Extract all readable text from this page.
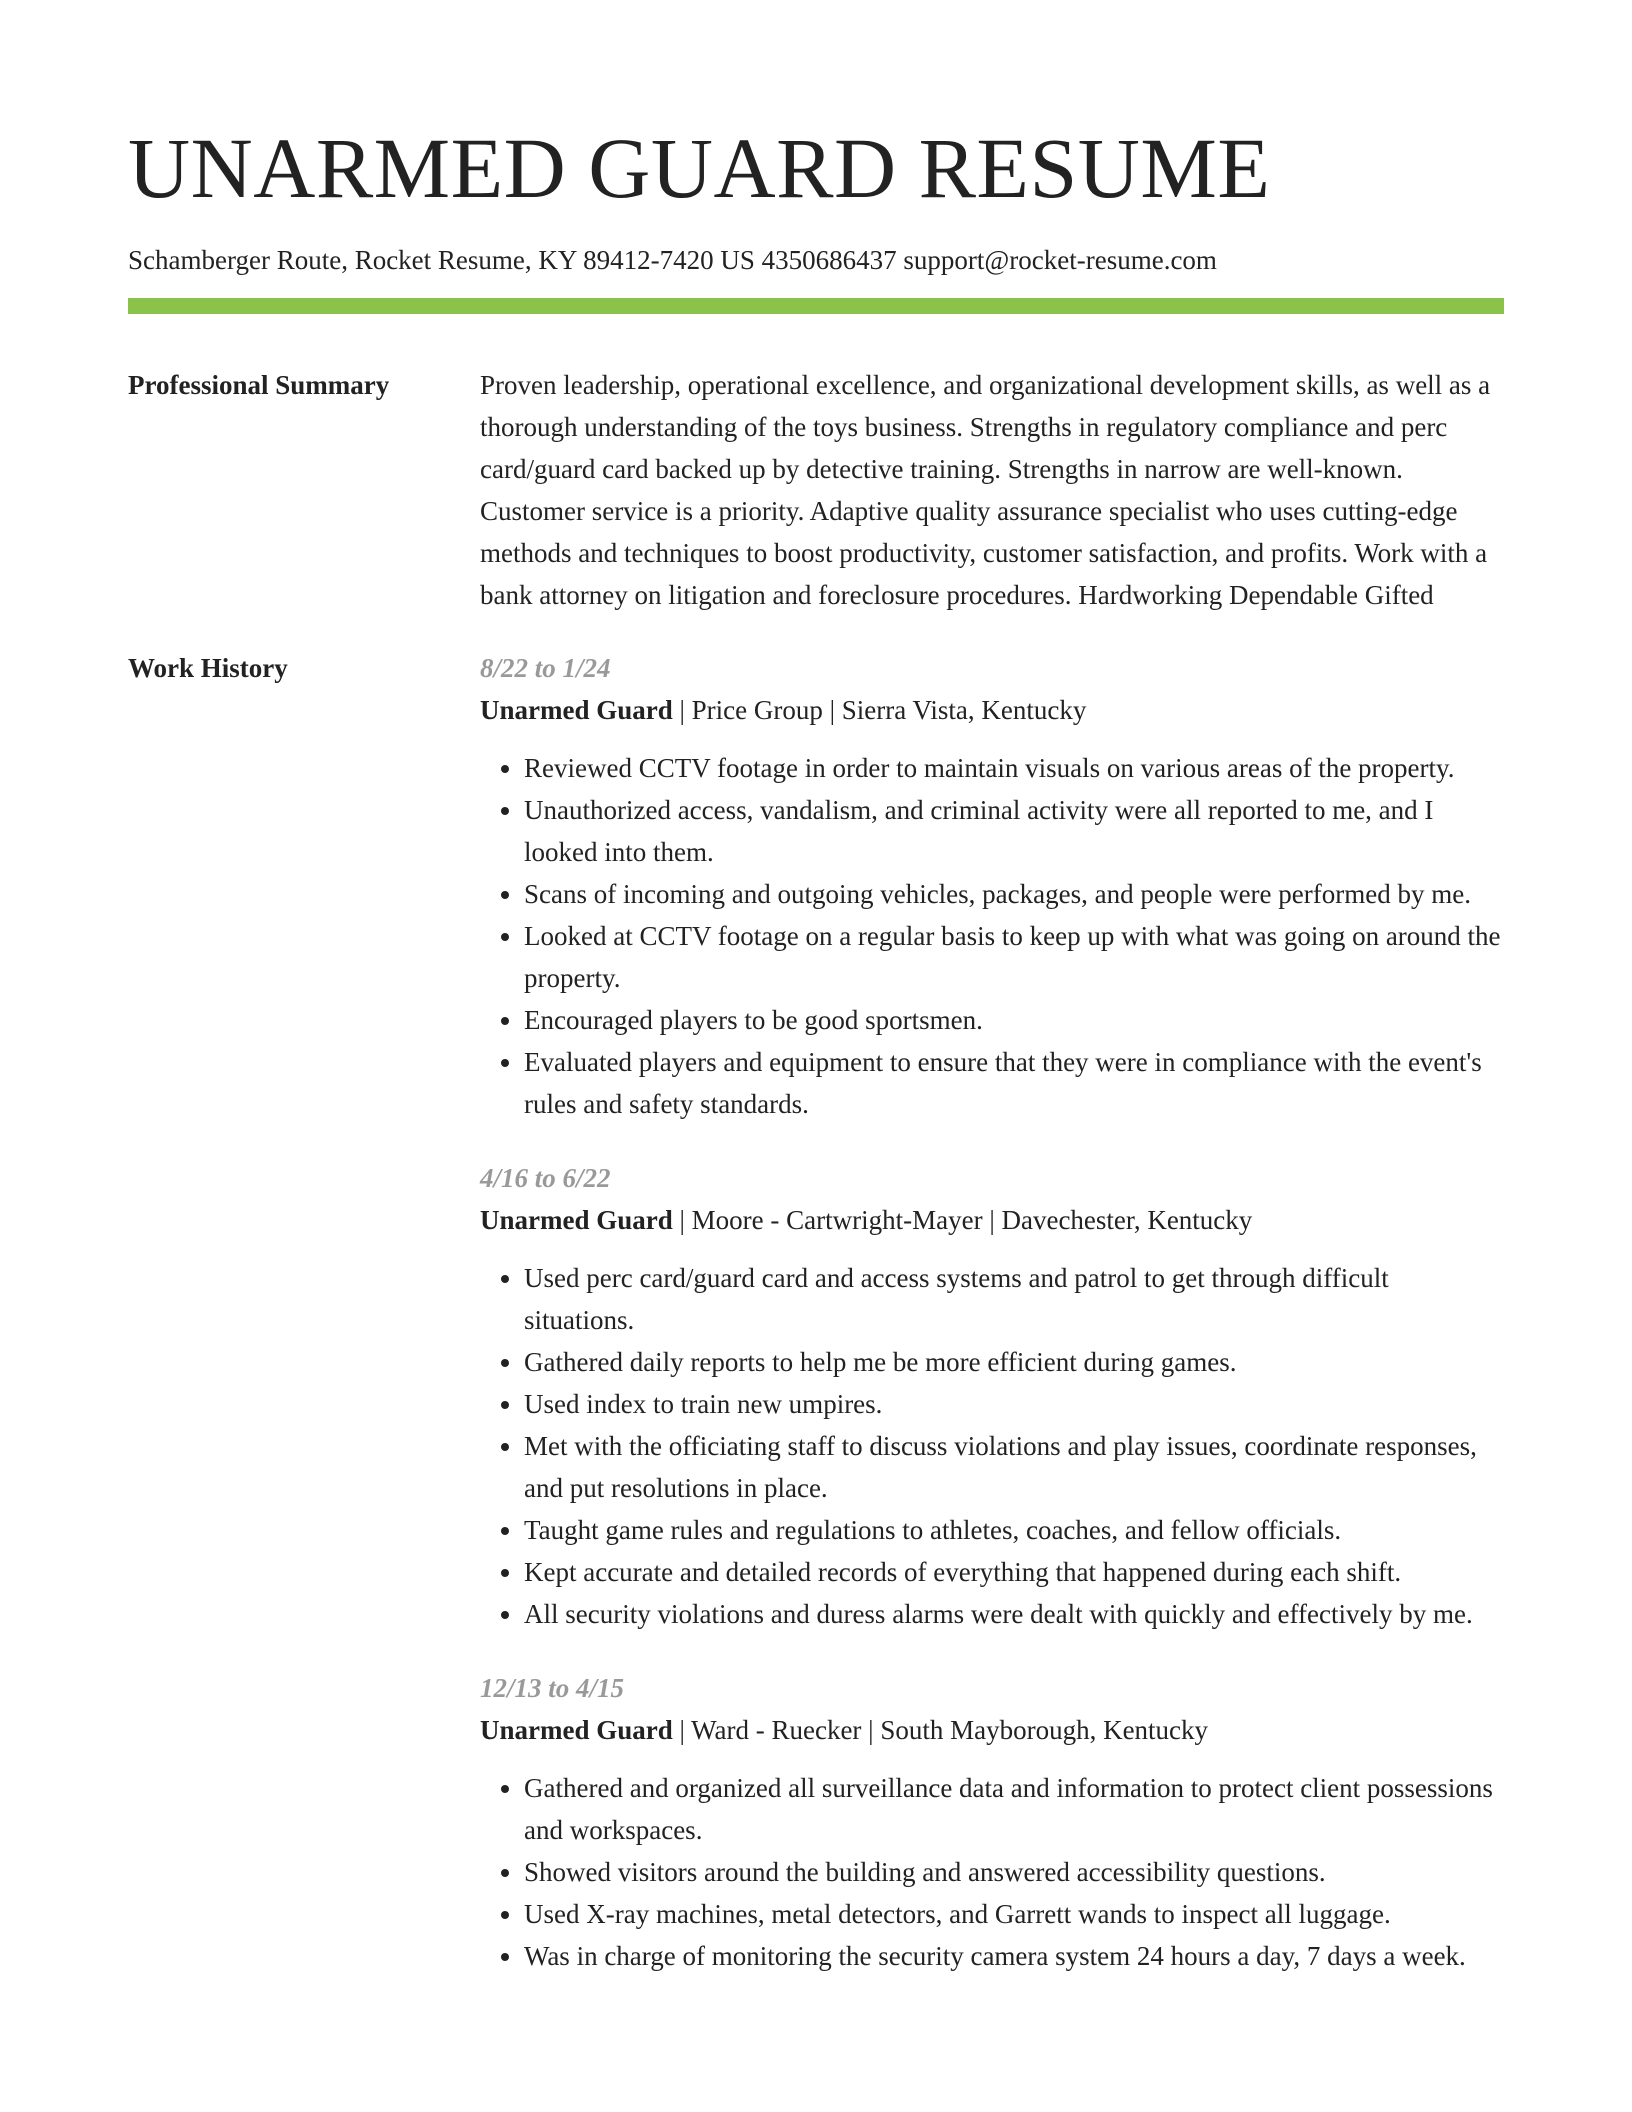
UNARMED GUARD RESUME
Schamberger Route, Rocket Resume, KY 89412-7420 US 4350686437 support@rocket-resume.com
Professional Summary	Proven leadership, operational excellence, and organizational development skills, as well as a thorough understanding of the toys business. Strengths in regulatory compliance and perc card/guard card backed up by detective training. Strengths in narrow are well-known. Customer service is a priority. Adaptive quality assurance specialist who uses cutting-edge methods and techniques to boost productivity, customer satisfaction, and profits. Work with a bank attorney on litigation and foreclosure procedures. Hardworking Dependable Gifted
Work History	8/22 to 1/24
Unarmed Guard | Price Group | Sierra Vista, Kentucky
• Reviewed CCTV footage in order to maintain visuals on various areas of the property.
• Unauthorized access, vandalism, and criminal activity were all reported to me, and I looked into them.
• Scans of incoming and outgoing vehicles, packages, and people were performed by me.
• Looked at CCTV footage on a regular basis to keep up with what was going on around the property.
• Encouraged players to be good sportsmen.
• Evaluated players and equipment to ensure that they were in compliance with the event's rules and safety standards.
4/16 to 6/22
Unarmed Guard | Moore - Cartwright-Mayer | Davechester, Kentucky
• Used perc card/guard card and access systems and patrol to get through difficult situations.
• Gathered daily reports to help me be more efficient during games.
• Used index to train new umpires.
• Met with the officiating staff to discuss violations and play issues, coordinate responses, and put resolutions in place.
• Taught game rules and regulations to athletes, coaches, and fellow officials.
• Kept accurate and detailed records of everything that happened during each shift.
• All security violations and duress alarms were dealt with quickly and effectively by me.
12/13 to 4/15
Unarmed Guard | Ward - Ruecker | South Mayborough, Kentucky
• Gathered and organized all surveillance data and information to protect client possessions and workspaces.
• Showed visitors around the building and answered accessibility questions.
• Used X-ray machines, metal detectors, and Garrett wands to inspect all luggage.
• Was in charge of monitoring the security camera system 24 hours a day, 7 days a week.
